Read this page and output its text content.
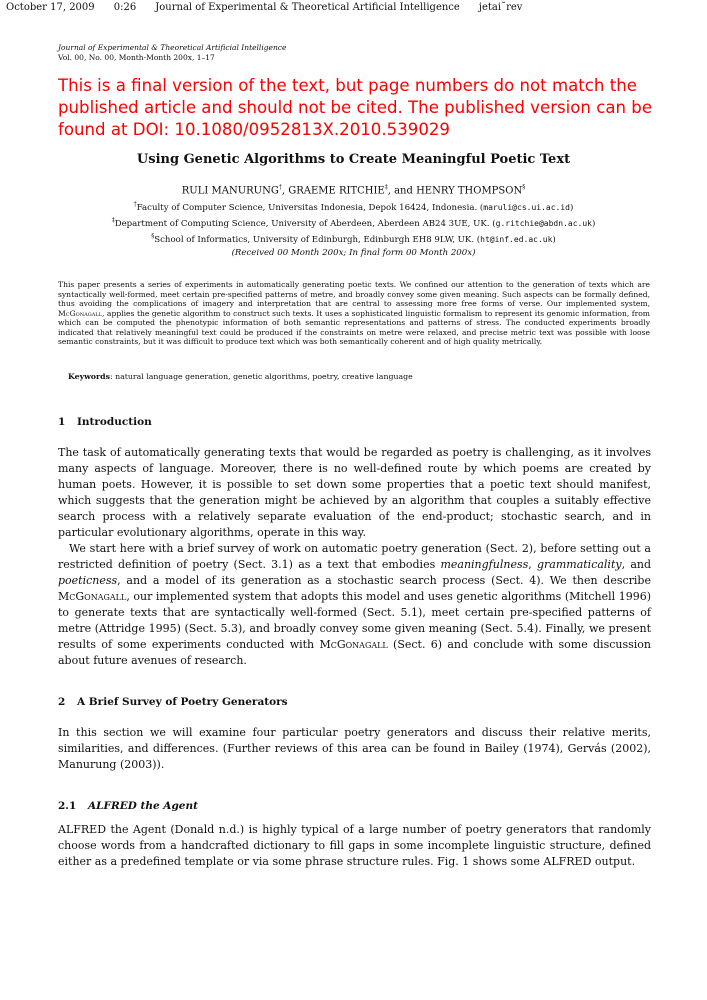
October 17, 2009      0:26      Journal of Experimental & Theoretical Artificial Intelligence      jetai˘rev
Journal of Experimental & Theoretical Artificial Intelligence
Vol. 00, No. 00, Month-Month 200x, 1–17
This is a final version of the text, but page numbers do not match the published article and should not be cited. The published version can be found at DOI: 10.1080/0952813X.2010.539029
Using Genetic Algorithms to Create Meaningful Poetic Text
RULI MANURUNG†, GRAEME RITCHIE‡, and HENRY THOMPSON§
†Faculty of Computer Science, Universitas Indonesia, Depok 16424, Indonesia. (maruli@cs.ui.ac.id)
‡Department of Computing Science, University of Aberdeen, Aberdeen AB24 3UE, UK. (g.ritchie@abdn.ac.uk)
§School of Informatics, University of Edinburgh, Edinburgh EH8 9LW, UK. (ht@inf.ed.ac.uk)
(Received 00 Month 200x; In final form 00 Month 200x)
This paper presents a series of experiments in automatically generating poetic texts. We confined our attention to the generation of texts which are syntactically well-formed, meet certain pre-specified patterns of metre, and broadly convey some given meaning. Such aspects can be formally defined, thus avoiding the complications of imagery and interpretation that are central to assessing more free forms of verse. Our implemented system, McGonagall, applies the genetic algorithm to construct such texts. It uses a sophisticated linguistic formalism to represent its genomic information, from which can be computed the phenotypic information of both semantic representations and patterns of stress. The conducted experiments broadly indicated that relatively meaningful text could be produced if the constraints on metre were relaxed, and precise metric text was possible with loose semantic constraints, but it was difficult to produce text which was both semantically coherent and of high quality metrically.
Keywords: natural language generation, genetic algorithms, poetry, creative language
1 Introduction
The task of automatically generating texts that would be regarded as poetry is challenging, as it involves many aspects of language. Moreover, there is no well-defined route by which poems are created by human poets. However, it is possible to set down some properties that a poetic text should manifest, which suggests that the generation might be achieved by an algorithm that couples a suitably effective search process with a relatively separate evaluation of the end-product; stochastic search, and in particular evolutionary algorithms, operate in this way.
We start here with a brief survey of work on automatic poetry generation (Sect. 2), before setting out a restricted definition of poetry (Sect. 3.1) as a text that embodies meaningfulness, grammaticality, and poeticness, and a model of its generation as a stochastic search process (Sect. 4). We then describe McGonagall, our implemented system that adopts this model and uses genetic algorithms (Mitchell 1996) to generate texts that are syntactically well-formed (Sect. 5.1), meet certain pre-specified patterns of metre (Attridge 1995) (Sect. 5.3), and broadly convey some given meaning (Sect. 5.4). Finally, we present results of some experiments conducted with McGonagall (Sect. 6) and conclude with some discussion about future avenues of research.
2 A Brief Survey of Poetry Generators
In this section we will examine four particular poetry generators and discuss their relative merits, similarities, and differences. (Further reviews of this area can be found in Bailey (1974), Gervás (2002), Manurung (2003)).
2.1 ALFRED the Agent
ALFRED the Agent (Donald n.d.) is highly typical of a large number of poetry generators that randomly choose words from a handcrafted dictionary to fill gaps in some incomplete linguistic structure, defined either as a predefined template or via some phrase structure rules. Fig. 1 shows some ALFRED output.
